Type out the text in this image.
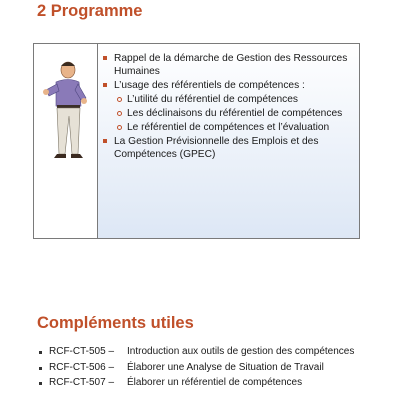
2 Programme
Rappel de la démarche de Gestion des Ressources Humaines
L’usage des référentiels de compétences :
L’utilité du référentiel de compétences
Les déclinaisons du référentiel de compétences
Le référentiel de compétences et l’évaluation
La Gestion Prévisionnelle des Emplois et des Compétences (GPEC)
Compléments utiles
RCF-CT-505 – Introduction aux outils de gestion des compétences
RCF-CT-506 – Élaborer une Analyse de Situation de Travail
RCF-CT-507 – Élaborer un référentiel de compétences
